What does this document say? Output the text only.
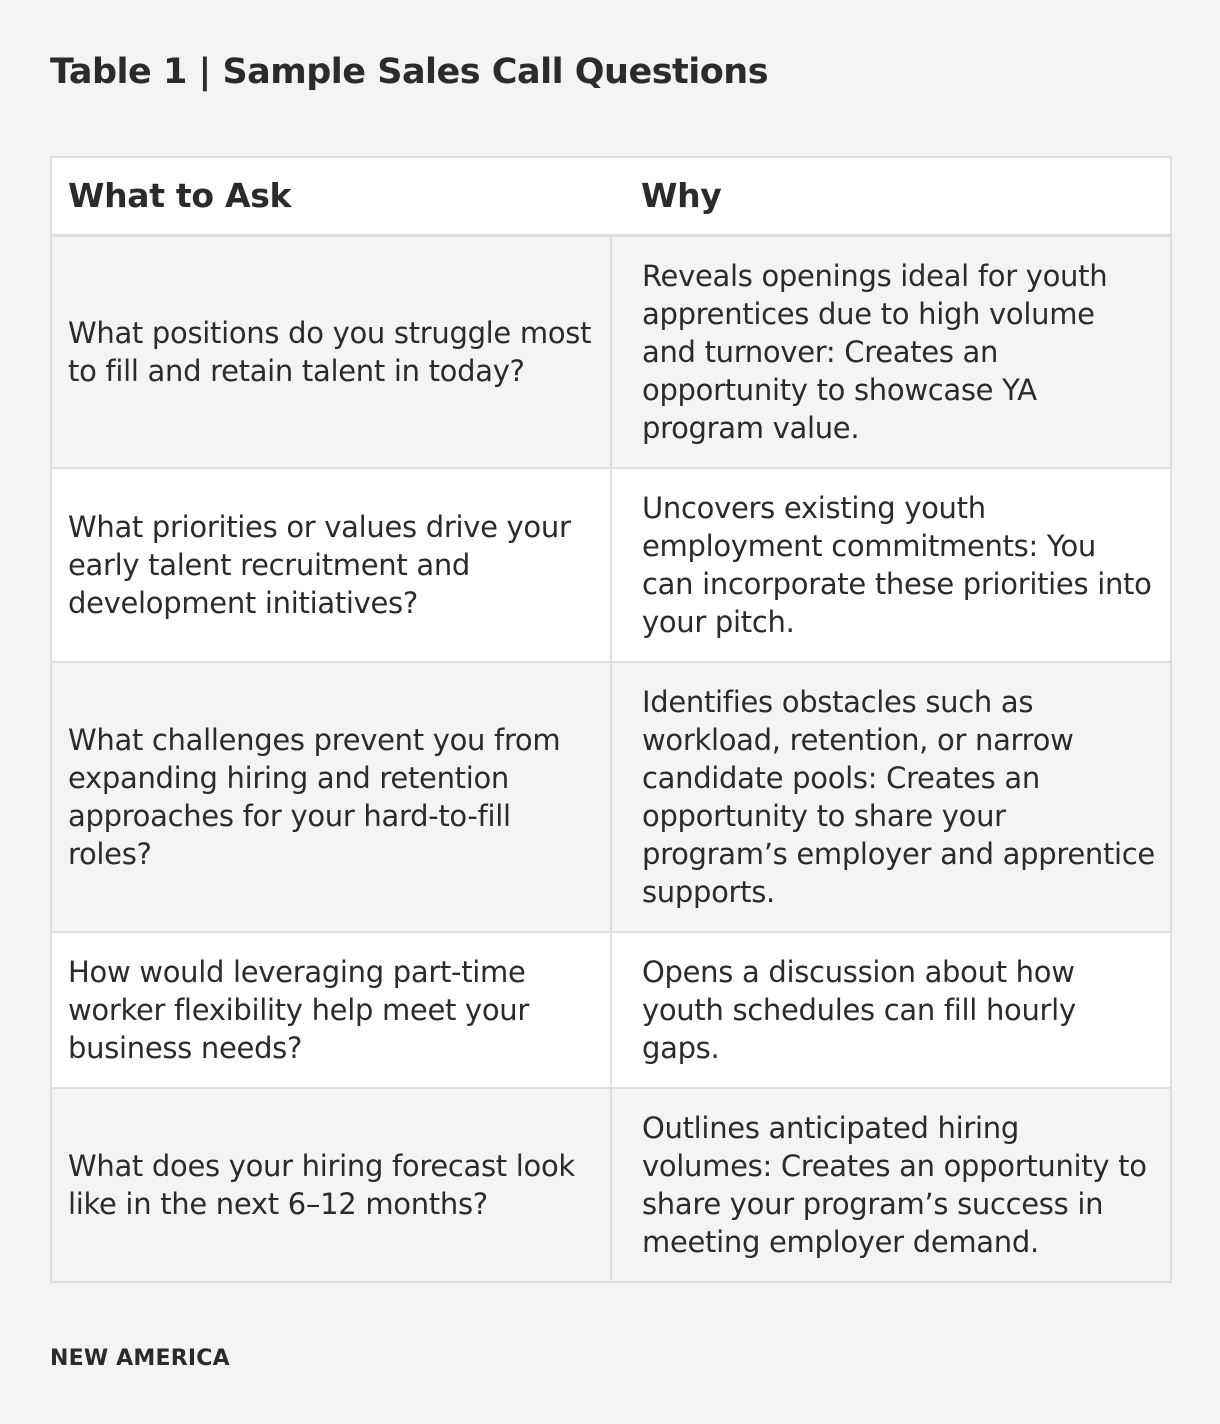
Table 1 | Sample Sales Call Questions
What to Ask	Why
What positions do you struggle most to fill and retain talent in today?	Reveals openings ideal for youth apprentices due to high volume and turnover: Creates an opportunity to showcase YA program value.
What priorities or values drive your early talent recruitment and development initiatives?	Uncovers existing youth employment commitments: You can incorporate these priorities into your pitch.
What challenges prevent you from expanding hiring and retention approaches for your hard-to-fill roles?	Identifies obstacles such as workload, retention, or narrow candidate pools: Creates an opportunity to share your program’s employer and apprentice supports.
How would leveraging part-time worker flexibility help meet your business needs?	Opens a discussion about how youth schedules can fill hourly gaps.
What does your hiring forecast look like in the next 6–12 months?	Outlines anticipated hiring volumes: Creates an opportunity to share your program’s success in meeting employer demand.

NEW AMERICA
